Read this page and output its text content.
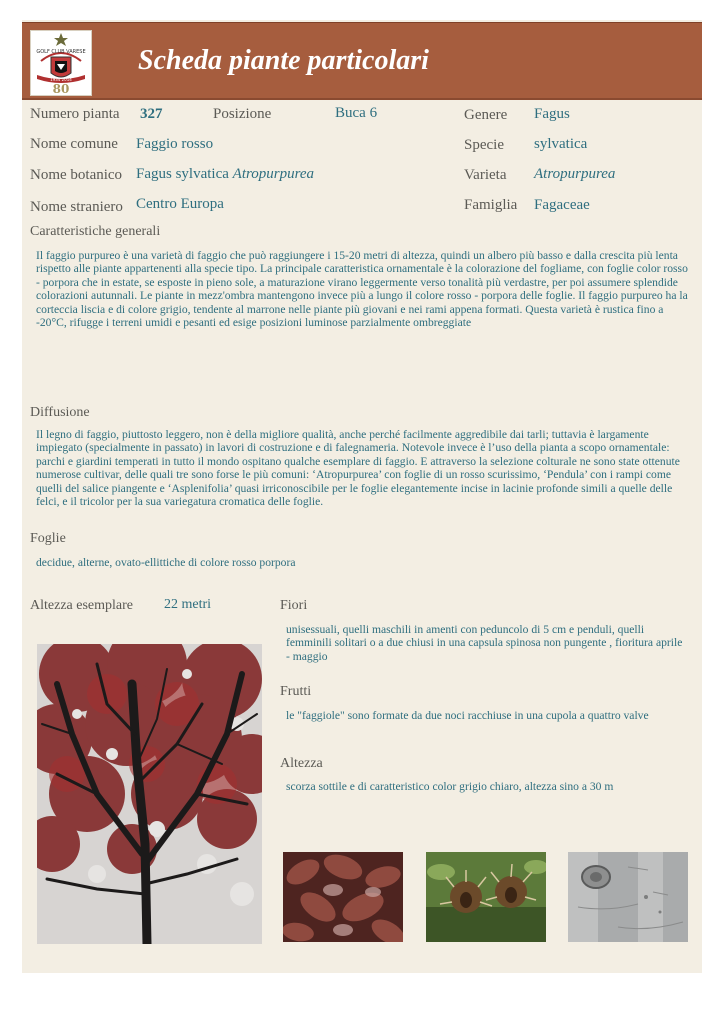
GOLF CLUB VARESE
1934 2014
80
Scheda piante particolari
Numero pianta 327	Posizione	Buca 6
Nome comune Faggio rosso
Nome botanico Fagus sylvatica Atropurpurea
Nome straniero Centro Europa
Genere Fagus
Specie sylvatica
Varieta Atropurpurea
Famiglia Fagaceae
Caratteristiche generali
Il faggio purpureo è una varietà di faggio che può raggiungere i 15-20 metri di altezza, quindi un albero più basso e dalla crescita più lenta rispetto alle piante appartenenti alla specie tipo. La principale caratteristica ornamentale è la colorazione del fogliame, con foglie color rosso - porpora che in estate, se esposte in pieno sole, a maturazione virano leggermente verso tonalità più verdastre, per poi assumere splendide colorazioni autunnali. Le piante in mezz'ombra mantengono invece più a lungo il colore rosso - porpora delle foglie. Il faggio purpureo ha la corteccia liscia e di colore grigio, tendente al marrone nelle piante più giovani e nei rami appena formati. Questa varietà è rustica fino a -20°C, rifugge i terreni umidi e pesanti ed esige posizioni luminose parzialmente ombreggiate
Diffusione
Il legno di faggio, piuttosto leggero, non è della migliore qualità, anche perché facilmente aggredibile dai tarli; tuttavia è largamente impiegato (specialmente in passato) in lavori di costruzione e di falegnameria. Notevole invece è l’uso della pianta a scopo ornamentale: parchi e giardini temperati in tutto il mondo ospitano qualche esemplare di faggio. E attraverso la selezione colturale ne sono state ottenute numerose cultivar, delle quali tre sono forse le più comuni: ‘Atropurpurea’ con foglie di un rosso scurissimo, ‘Pendula’ con i rampi come quelli del salice piangente e ‘Asplenifolia’ quasi irriconoscibile per le foglie elegantemente incise in lacinie profonde simili a quelle delle felci, e il tricolor per la sua variegatura cromatica delle foglie.
Foglie
decidue, alterne, ovato-ellittiche di colore rosso porpora
Altezza esemplare 22 metri	Fiori
unisessuali, quelli maschili in amenti con peduncolo di 5 cm e penduli, quelli femminili solitari o a due chiusi in una capsula spinosa non pungente , fioritura aprile - maggio
Frutti
le "faggiole" sono formate da due noci racchiuse in una cupola a quattro valve
Altezza
scorza sottile e di caratteristico color grigio chiaro, altezza sino a 30 m
